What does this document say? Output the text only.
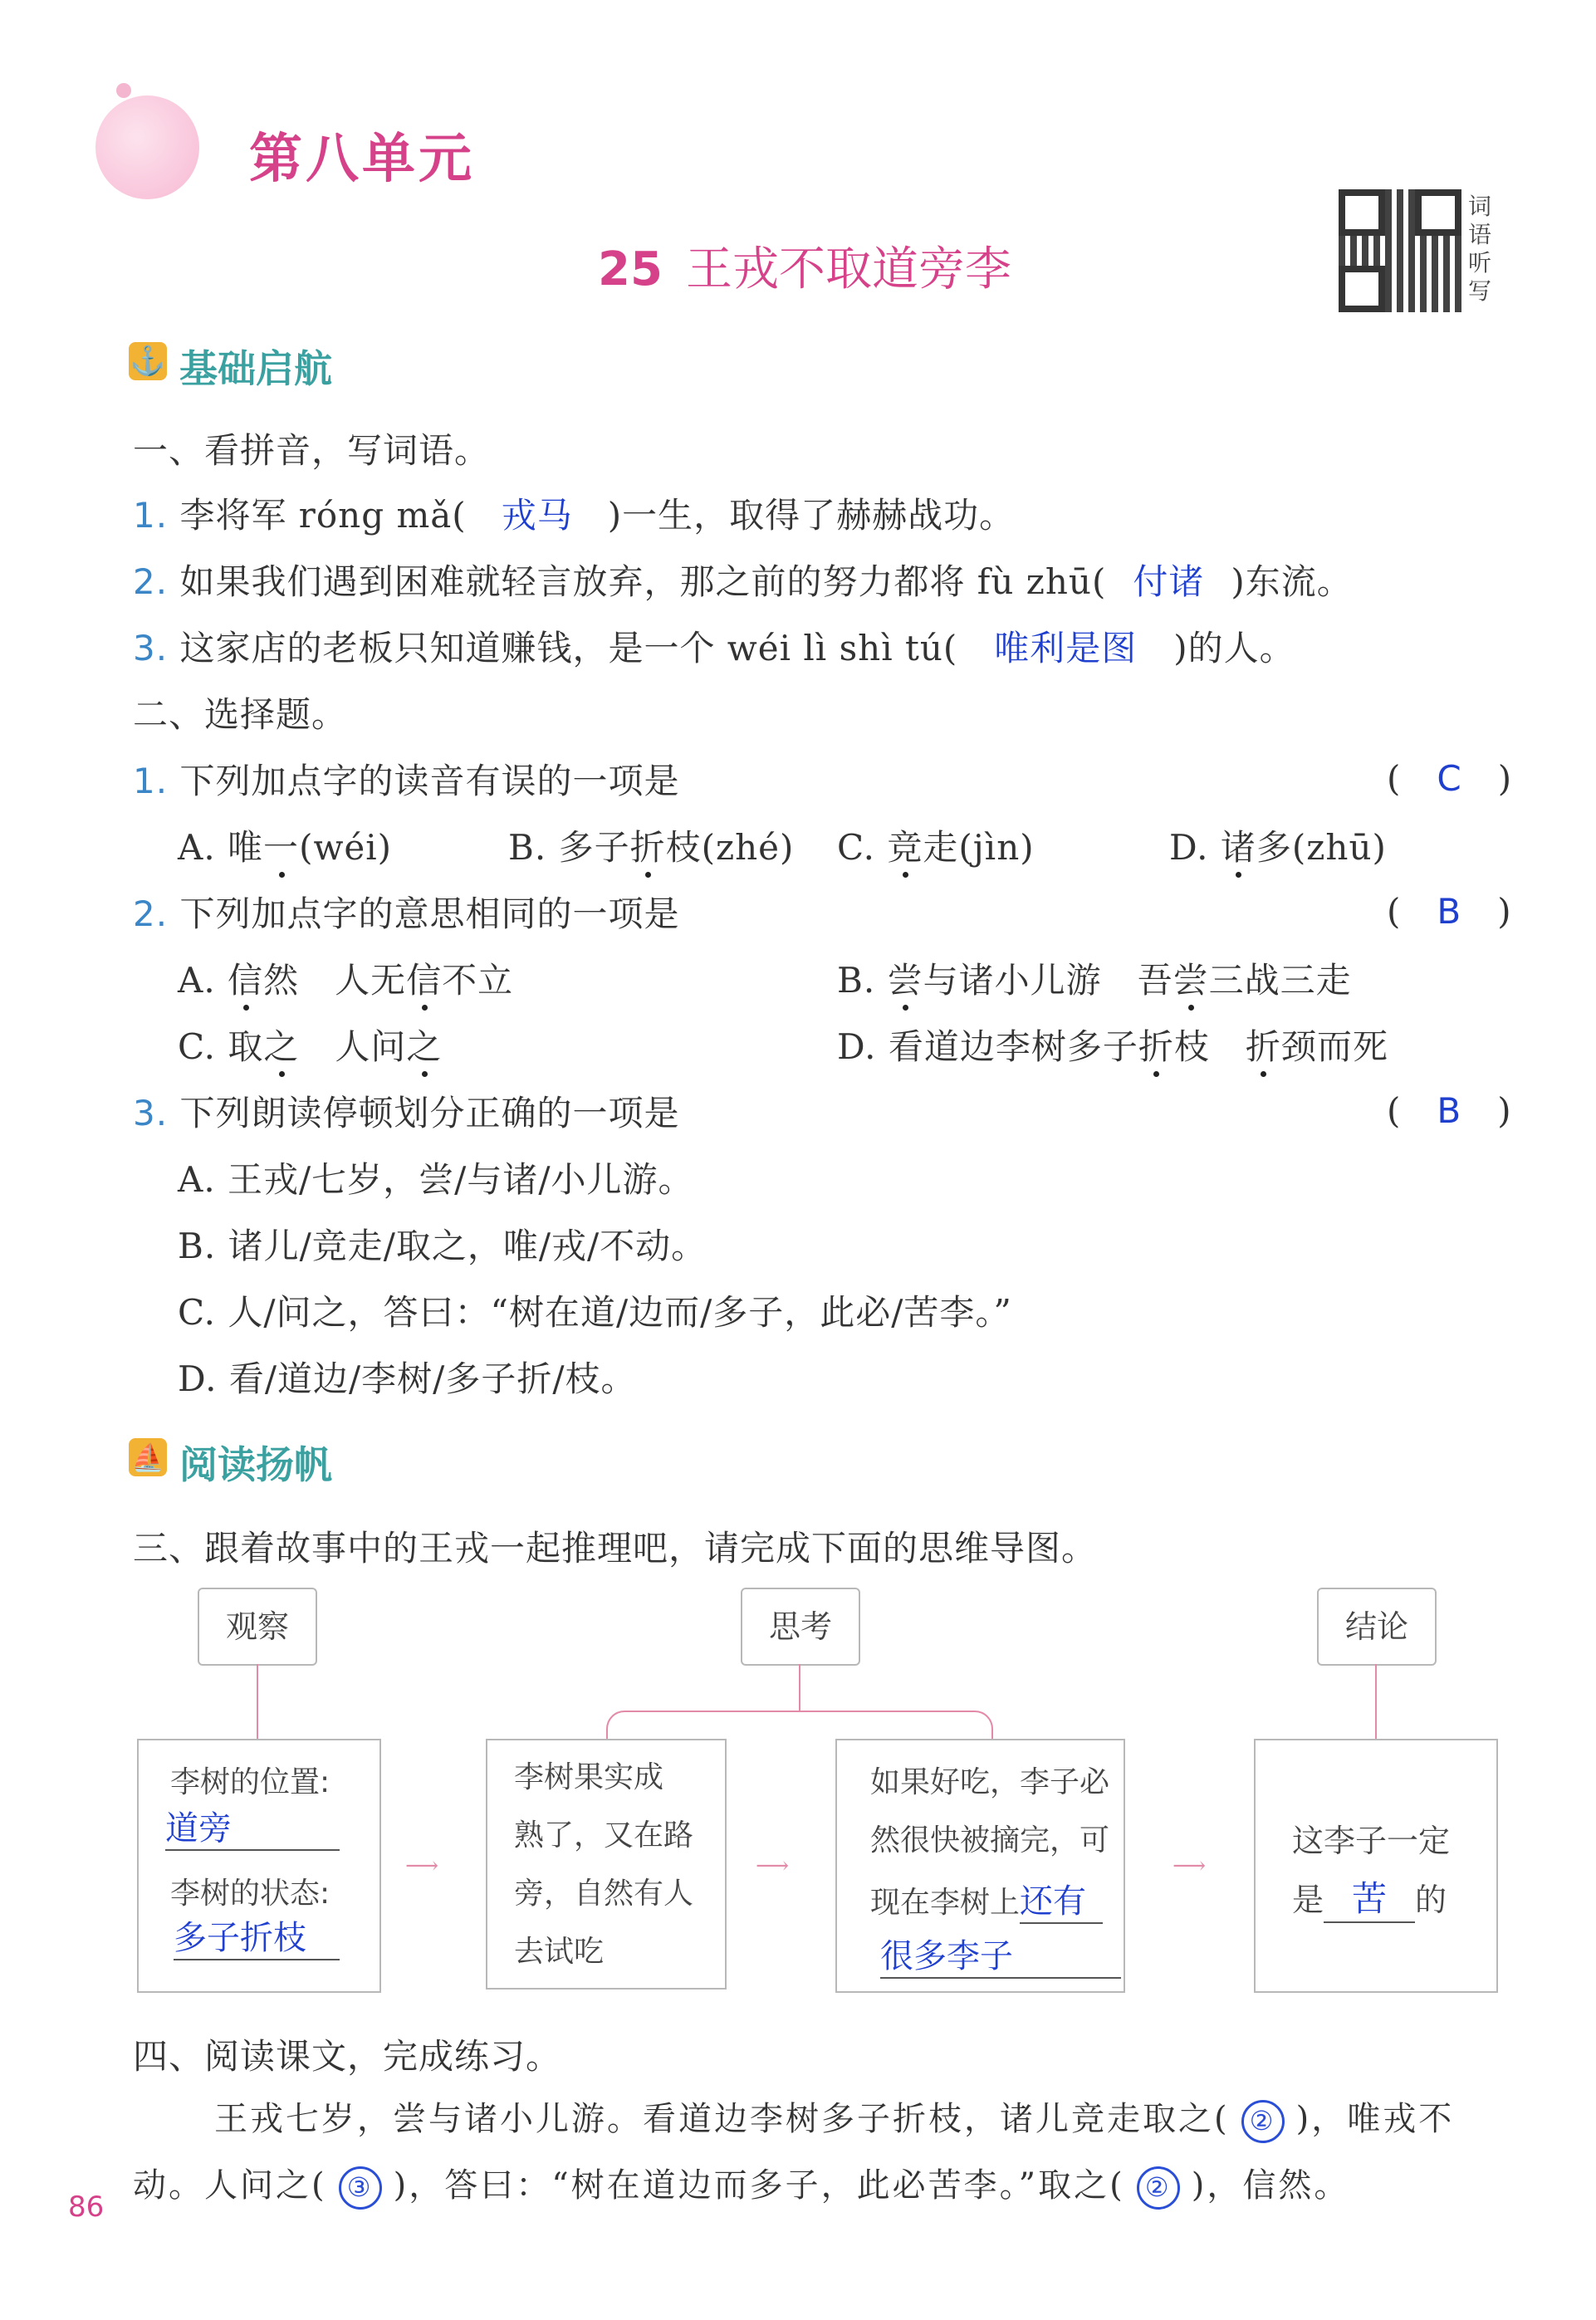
第八单元
25 王戎不取道旁李
词
语
听
写
⚓ 基础启航
一、看拼音，写词语。
1. 李将军 róng mǎ( 戎马 )一生，取得了赫赫战功。
2. 如果我们遇到困难就轻言放弃，那之前的努力都将 fù zhū( 付诸 )东流。
3. 这家店的老板只知道赚钱，是一个 wéi lì shì tú( 唯利是图 )的人。
二、选择题。
1. 下列加点字的读音有误的一项是	(　C　)
A. 唯一(wéi)	B. 多子折枝(zhé) C. 竞走(jìn)	D. 诸多(zhū)
2. 下列加点字的意思相同的一项是	(　B　)
A. 信然　人无信不立	B. 尝与诸小儿游　吾尝三战三走
C. 取之　人问之	D. 看道边李树多子折枝　折颈而死
3. 下列朗读停顿划分正确的一项是	(　B　)
A. 王戎/七岁，尝/与诸/小儿游。
B. 诸儿/竞走/取之，唯/戎/不动。
C. 人/问之，答曰：“树在道/边而/多子，此必/苦李。”
D. 看/道边/李树/多子折/枝。
⛵ 阅读扬帆
三、跟着故事中的王戎一起推理吧，请完成下面的思维导图。
观察	思考	结论
李树的位置:
道旁
李树的状态:
多子折枝
李树果实成
熟了，又在路
旁，自然有人
去试吃
如果好吃，李子必
然很快被摘完，可
现在李树上还有
很多李子
这李子一定
是 苦 的
⟶	⟶	⟶
四、阅读课文，完成练习。
王戎七岁，尝与诸小儿游。看道边李树多子折枝，诸儿竞走取之( ② )，唯戎不
动。人问之( ③ )，答曰：“树在道边而多子，此必苦李。”取之( ② )，信然。
86
